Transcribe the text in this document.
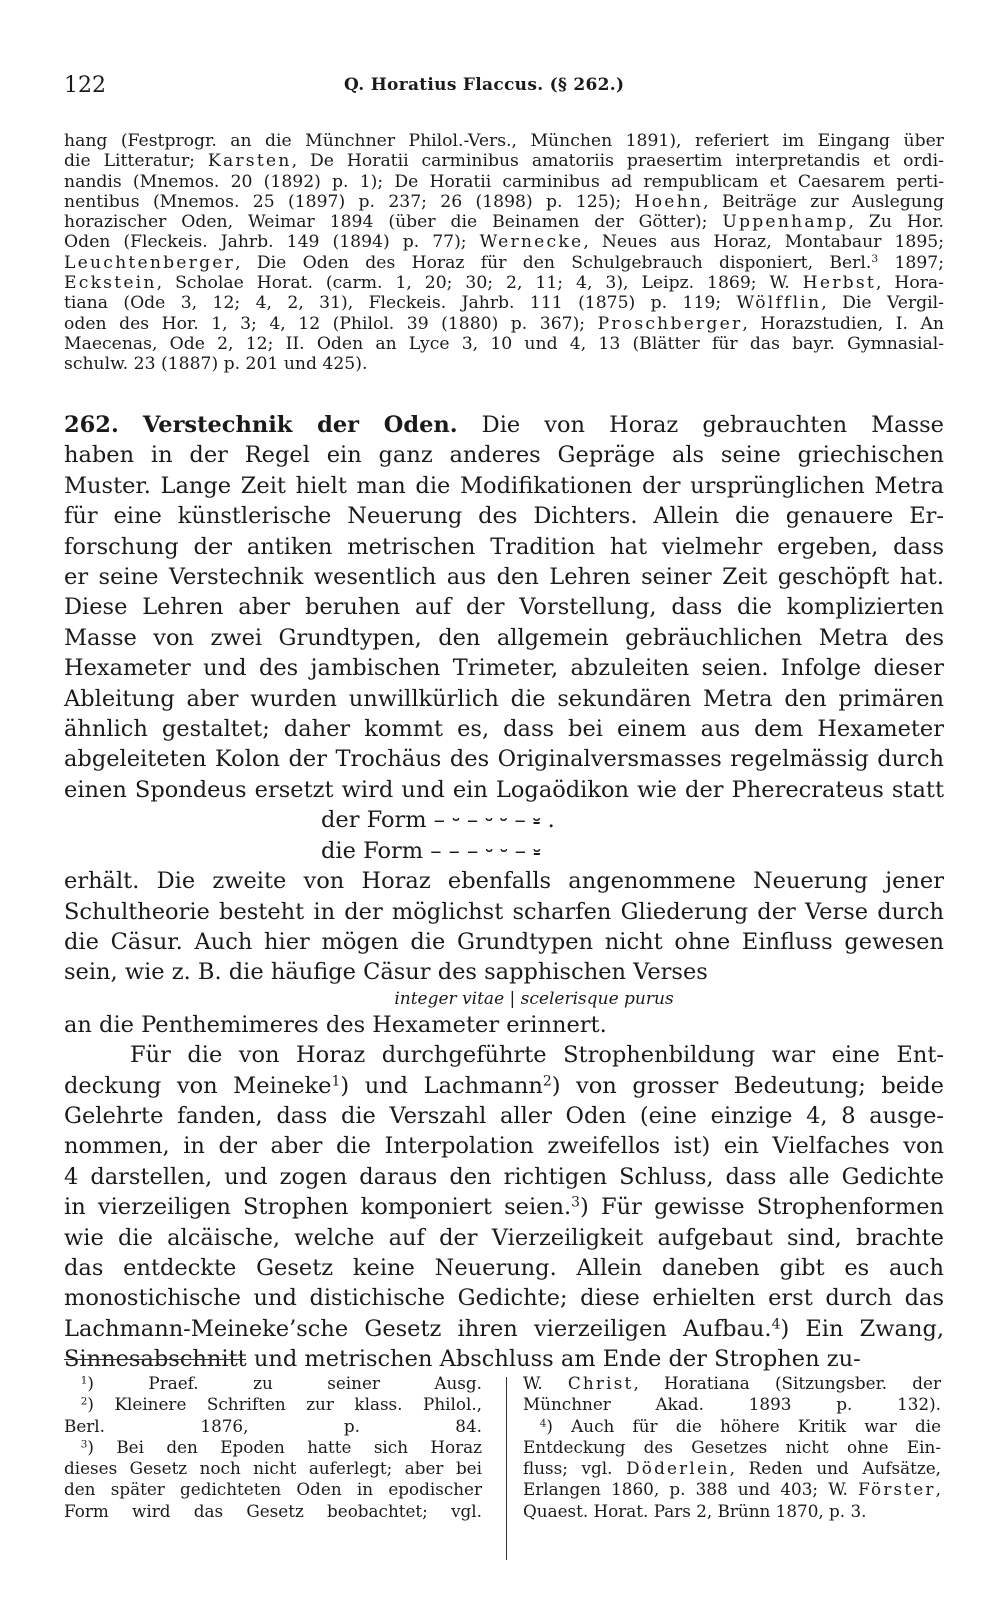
122	Q. Horatius Flaccus. (§ 262.)
hang (Festprogr. an die Münchner Philol.-Vers., München 1891), referiert im Eingang über
die Litteratur; Karsten, De Horatii carminibus amatoriis praesertim interpretandis et ordi-
nandis (Mnemos. 20 (1892) p. 1); De Horatii carminibus ad rempublicam et Caesarem perti-
nentibus (Mnemos. 25 (1897) p. 237; 26 (1898) p. 125); Hoehn, Beiträge zur Auslegung
horazischer Oden, Weimar 1894 (über die Beinamen der Götter); Uppenhamp, Zu Hor.
Oden (Fleckeis. Jahrb. 149 (1894) p. 77); Wernecke, Neues aus Horaz, Montabaur 1895;
Leuchtenberger, Die Oden des Horaz für den Schulgebrauch disponiert, Berl.$^3$ 1897;
Eckstein, Scholae Horat. (carm. 1, 20; 30; 2, 11; 4, 3), Leipz. 1869; W. Herbst, Hora-
tiana (Ode 3, 12; 4, 2, 31), Fleckeis. Jahrb. 111 (1875) p. 119; Wölfflin, Die Vergil-
oden des Hor. 1, 3; 4, 12 (Philol. 39 (1880) p. 367); Proschberger, Horazstudien, I. An
Maecenas, Ode 2, 12; II. Oden an Lyce 3, 10 und 4, 13 (Blätter für das bayr. Gymnasial-
schulw. 23 (1887) p. 201 und 425).
262. Verstechnik der Oden. Die von Horaz gebrauchten Masse
haben in der Regel ein ganz anderes Gepräge als seine griechischen
Muster. Lange Zeit hielt man die Modifikationen der ursprünglichen Metra
für eine künstlerische Neuerung des Dichters. Allein die genauere Er-
forschung der antiken metrischen Tradition hat vielmehr ergeben, dass
er seine Verstechnik wesentlich aus den Lehren seiner Zeit geschöpft hat.
Diese Lehren aber beruhen auf der Vorstellung, dass die komplizierten
Masse von zwei Grundtypen, den allgemein gebräuchlichen Metra des
Hexameter und des jambischen Trimeter, abzuleiten seien. Infolge dieser
Ableitung aber wurden unwillkürlich die sekundären Metra den primären
ähnlich gestaltet; daher kommt es, dass bei einem aus dem Hexameter
abgeleiteten Kolon der Trochäus des Originalversmasses regelmässig durch
einen Spondeus ersetzt wird und ein Logaödikon wie der Pherecrateus statt
der Form – ⏑ – ⏑ ⏑ – ⏓ .
die Form – – – ⏑ ⏑ – ⏓
erhält. Die zweite von Horaz ebenfalls angenommene Neuerung jener
Schultheorie besteht in der möglichst scharfen Gliederung der Verse durch
die Cäsur. Auch hier mögen die Grundtypen nicht ohne Einfluss gewesen
sein, wie z. B. die häufige Cäsur des sapphischen Verses
integer vitae | scelerisque purus
an die Penthemimeres des Hexameter erinnert.
Für die von Horaz durchgeführte Strophenbildung war eine Ent-
deckung von Meineke$^1$) und Lachmann$^2$) von grosser Bedeutung; beide
Gelehrte fanden, dass die Verszahl aller Oden (eine einzige 4, 8 ausge-
nommen, in der aber die Interpolation zweifellos ist) ein Vielfaches von
4 darstellen, und zogen daraus den richtigen Schluss, dass alle Gedichte
in vierzeiligen Strophen komponiert seien.$^3$) Für gewisse Strophenformen
wie die alcäische, welche auf der Vierzeiligkeit aufgebaut sind, brachte
das entdeckte Gesetz keine Neuerung. Allein daneben gibt es auch
monostichische und distichische Gedichte; diese erhielten erst durch das
Lachmann-Meineke’sche Gesetz ihren vierzeiligen Aufbau.$^4$) Ein Zwang,
Sinnesabschnitt und metrischen Abschluss am Ende der Strophen zu-
 $^1$) Praef. zu seiner Ausg.
 $^2$) Kleinere Schriften zur klass. Philol.,
Berl. 1876, p. 84.
 $^3$) Bei den Epoden hatte sich Horaz
dieses Gesetz noch nicht auferlegt; aber bei
den später gedichteten Oden in epodischer
Form wird das Gesetz beobachtet; vgl.
W. Christ, Horatiana (Sitzungsber. der
Münchner Akad. 1893 p. 132).
 $^4$) Auch für die höhere Kritik war die
Entdeckung des Gesetzes nicht ohne Ein-
fluss; vgl. Döderlein, Reden und Aufsätze,
Erlangen 1860, p. 388 und 403; W. Förster,
Quaest. Horat. Pars 2, Brünn 1870, p. 3.
